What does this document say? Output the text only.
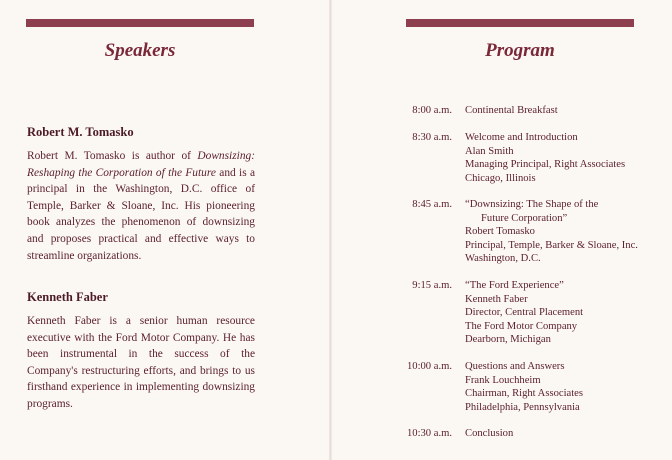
Speakers
Robert M. Tomasko
Robert M. Tomasko is author of Downsizing: Reshaping the Corporation of the Future and is a principal in the Washington, D.C. office of Temple, Barker & Sloane, Inc. His pioneering book analyzes the phenomenon of downsizing and proposes practical and effective ways to streamline organizations.
Kenneth Faber
Kenneth Faber is a senior human resource executive with the Ford Motor Company. He has been instrumental in the success of the Company's restructuring efforts, and brings to us firsthand experience in implementing downsizing programs.
Program
8:00 a.m. Continental Breakfast
8:30 a.m. Welcome and Introduction
Alan Smith
Managing Principal, Right Associates
Chicago, Illinois
8:45 a.m. “Downsizing: The Shape of the
Future Corporation”
Robert Tomasko
Principal, Temple, Barker & Sloane, Inc.
Washington, D.C.
9:15 a.m. “The Ford Experience”
Kenneth Faber
Director, Central Placement
The Ford Motor Company
Dearborn, Michigan
10:00 a.m. Questions and Answers
Frank Louchheim
Chairman, Right Associates
Philadelphia, Pennsylvania
10:30 a.m. Conclusion
